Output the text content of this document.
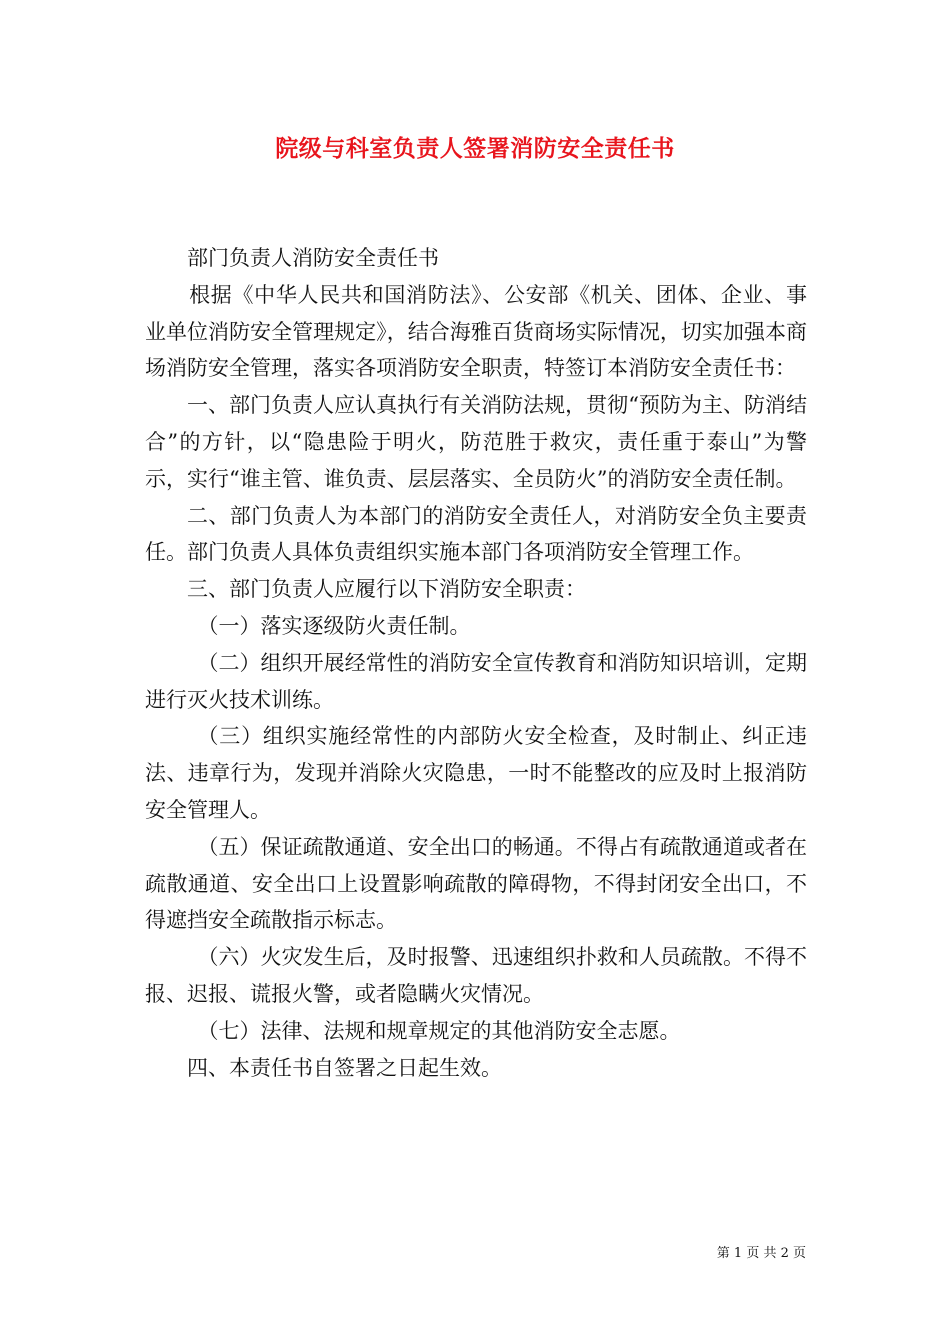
院级与科室负责人签署消防安全责任书

部门负责人消防安全责任书

根据《中华人民共和国消防法》、公安部《机关、团体、企业、事业单位消防安全管理规定》，结合海雅百货商场实际情况，切实加强本商场消防安全管理，落实各项消防安全职责，特签订本消防安全责任书：

一、部门负责人应认真执行有关消防法规，贯彻“预防为主、防消结合”的方针，以“隐患险于明火，防范胜于救灾，责任重于泰山”为警示，实行“谁主管、谁负责、层层落实、全员防火”的消防安全责任制。

二、部门负责人为本部门的消防安全责任人，对消防安全负主要责任。部门负责人具体负责组织实施本部门各项消防安全管理工作。

三、部门负责人应履行以下消防安全职责：

（一）落实逐级防火责任制。

（二）组织开展经常性的消防安全宣传教育和消防知识培训，定期进行灭火技术训练。

（三）组织实施经常性的内部防火安全检查，及时制止、纠正违法、违章行为，发现并消除火灾隐患，一时不能整改的应及时上报消防安全管理人。

（五）保证疏散通道、安全出口的畅通。不得占有疏散通道或者在疏散通道、安全出口上设置影响疏散的障碍物，不得封闭安全出口，不得遮挡安全疏散指示标志。

（六）火灾发生后，及时报警、迅速组织扑救和人员疏散。不得不报、迟报、谎报火警，或者隐瞒火灾情况。

（七）法律、法规和规章规定的其他消防安全志愿。

四、本责任书自签署之日起生效。

第 1 页 共 2 页
